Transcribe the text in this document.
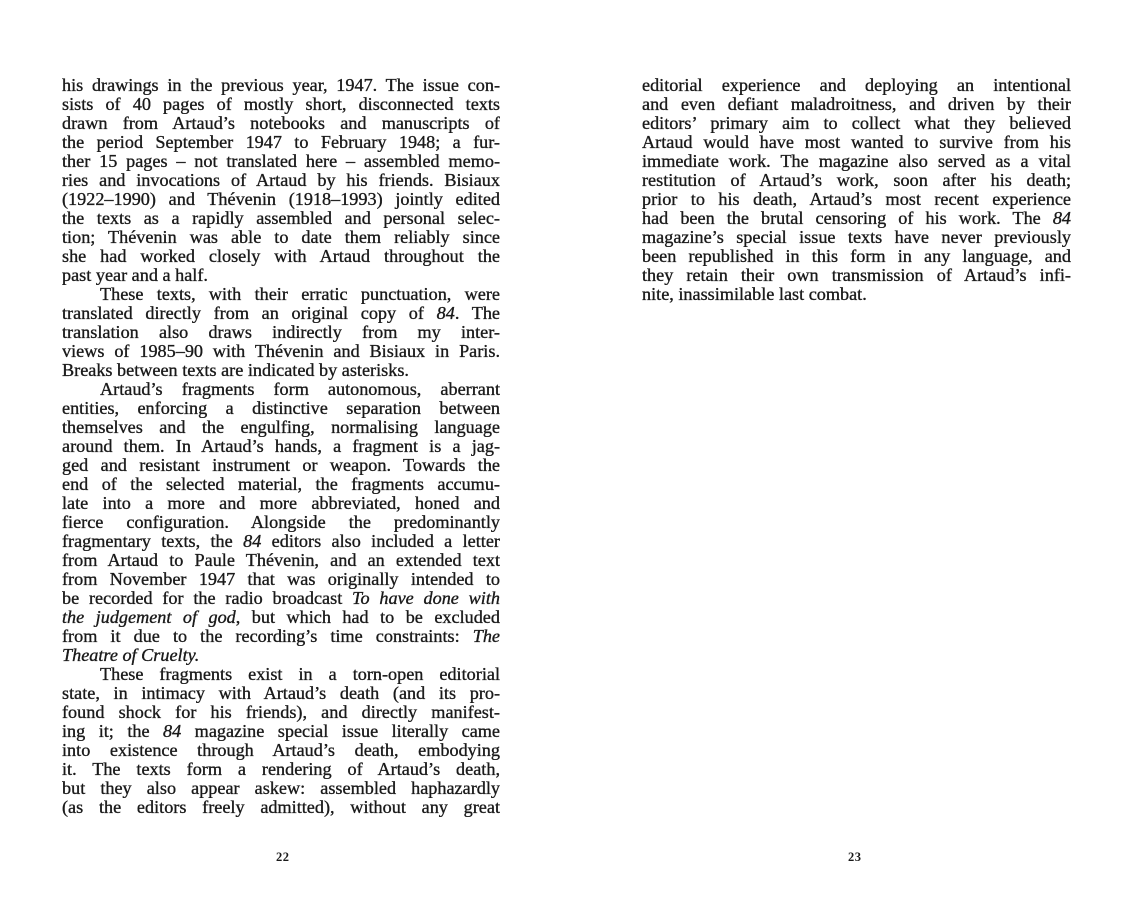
his drawings in the previous year, 1947. The issue con-
sists of 40 pages of mostly short, disconnected texts
drawn from Artaud’s notebooks and manuscripts of
the period September 1947 to February 1948; a fur-
ther 15 pages – not translated here – assembled memo-
ries and invocations of Artaud by his friends. Bisiaux
(1922–1990) and Thévenin (1918–1993) jointly edited
the texts as a rapidly assembled and personal selec-
tion; Thévenin was able to date them reliably since
she had worked closely with Artaud throughout the
past year and a half.
These texts, with their erratic punctuation, were
translated directly from an original copy of 84. The
translation also draws indirectly from my inter-
views of 1985–90 with Thévenin and Bisiaux in Paris.
Breaks between texts are indicated by asterisks.
Artaud’s fragments form autonomous, aberrant
entities, enforcing a distinctive separation between
themselves and the engulfing, normalising language
around them. In Artaud’s hands, a fragment is a jag-
ged and resistant instrument or weapon. Towards the
end of the selected material, the fragments accumu-
late into a more and more abbreviated, honed and
fierce configuration. Alongside the predominantly
fragmentary texts, the 84 editors also included a letter
from Artaud to Paule Thévenin, and an extended text
from November 1947 that was originally intended to
be recorded for the radio broadcast To have done with
the judgement of god, but which had to be excluded
from it due to the recording’s time constraints: The
Theatre of Cruelty.
These fragments exist in a torn-open editorial
state, in intimacy with Artaud’s death (and its pro-
found shock for his friends), and directly manifest-
ing it; the 84 magazine special issue literally came
into existence through Artaud’s death, embodying
it. The texts form a rendering of Artaud’s death,
but they also appear askew: assembled haphazardly
(as the editors freely admitted), without any great
editorial experience and deploying an intentional
and even defiant maladroitness, and driven by their
editors’ primary aim to collect what they believed
Artaud would have most wanted to survive from his
immediate work. The magazine also served as a vital
restitution of Artaud’s work, soon after his death;
prior to his death, Artaud’s most recent experience
had been the brutal censoring of his work. The 84
magazine’s special issue texts have never previously
been republished in this form in any language, and
they retain their own transmission of Artaud’s infi-
nite, inassimilable last combat.
22	23
